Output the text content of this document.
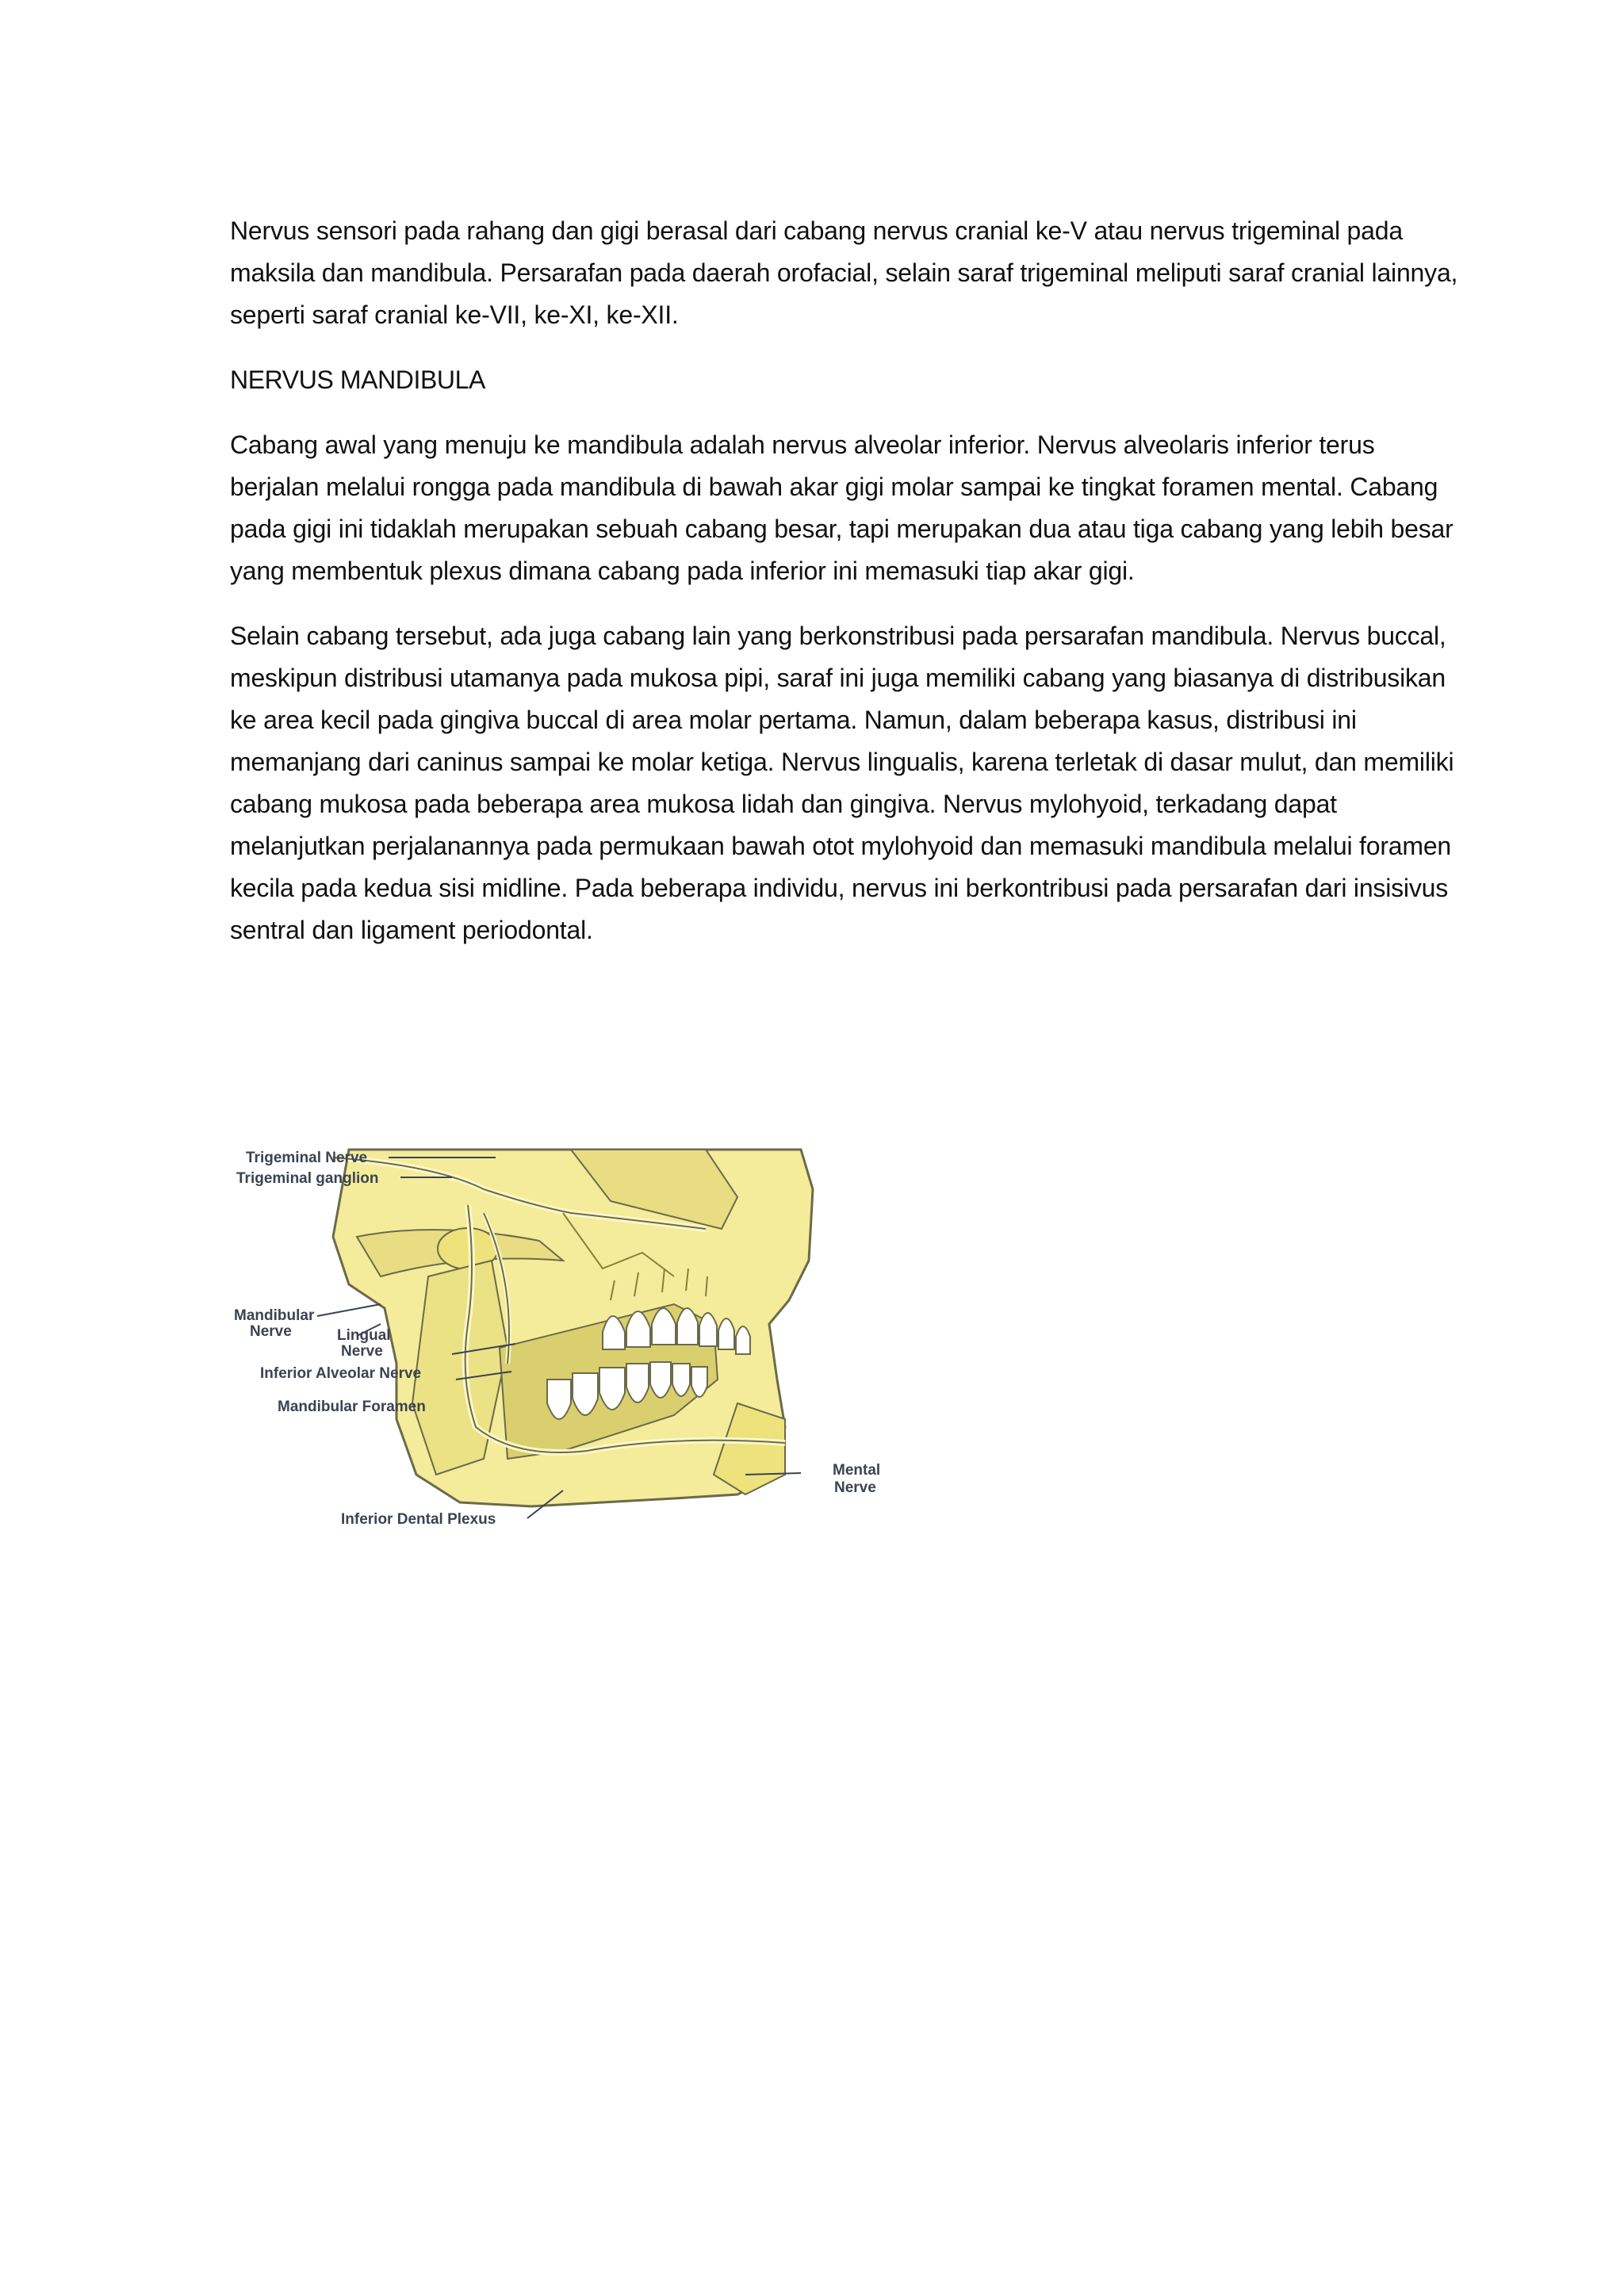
Nervus sensori pada rahang dan gigi berasal dari cabang nervus cranial ke-V atau nervus trigeminal pada maksila dan mandibula. Persarafan pada daerah orofacial, selain saraf trigeminal meliputi saraf cranial lainnya, seperti saraf cranial ke-VII, ke-XI, ke-XII.

NERVUS MANDIBULA

Cabang awal yang menuju ke mandibula adalah nervus alveolar inferior. Nervus alveolaris inferior terus berjalan melalui rongga pada mandibula di bawah akar gigi molar sampai ke tingkat foramen mental. Cabang pada gigi ini tidaklah merupakan sebuah cabang besar, tapi merupakan dua atau tiga cabang yang lebih besar yang membentuk plexus dimana cabang pada inferior ini memasuki tiap akar gigi.

Selain cabang tersebut, ada juga cabang lain yang berkonstribusi pada persarafan mandibula. Nervus buccal, meskipun distribusi utamanya pada mukosa pipi, saraf ini juga memiliki cabang yang biasanya di distribusikan ke area kecil pada gingiva buccal di area molar pertama. Namun, dalam beberapa kasus, distribusi ini memanjang dari caninus sampai ke molar ketiga. Nervus lingualis, karena terletak di dasar mulut, dan memiliki cabang mukosa pada beberapa area mukosa lidah dan gingiva. Nervus mylohyoid, terkadang dapat melanjutkan perjalanannya pada permukaan bawah otot mylohyoid dan memasuki mandibula melalui foramen kecila pada kedua sisi midline. Pada beberapa individu, nervus ini berkontribusi pada persarafan dari insisivus sentral dan ligament periodontal.

Trigeminal Nerve
Trigeminal ganglion
Mandibular
Nerve	Lingual
Nerve
Inferior Alveolar Nerve
Mandibular Foramen
Mental
Nerve
Inferior Dental Plexus
